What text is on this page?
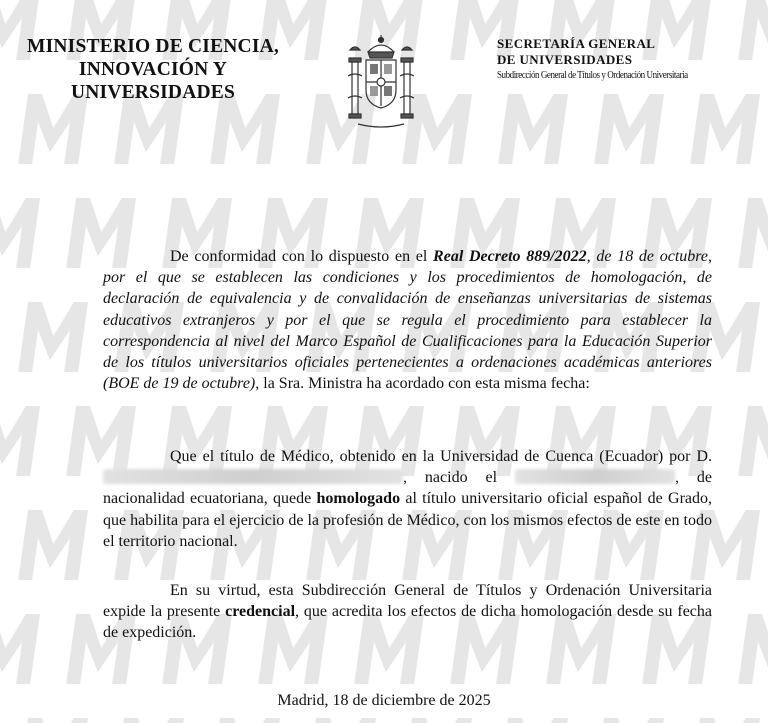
MINISTERIO DE CIENCIA,
INNOVACIÓN Y
UNIVERSIDADES
SECRETARÍA GENERAL
DE UNIVERSIDADES
Subdirección General de Títulos y Ordenación Universitaria
De conformidad con lo dispuesto en el Real Decreto 889/2022, de 18 de octubre, por el que se establecen las condiciones y los procedimientos de homologación, de declaración de equivalencia y de convalidación de enseñanzas universitarias de sistemas educativos extranjeros y por el que se regula el procedimiento para establecer la correspondencia al nivel del Marco Español de Cualificaciones para la Educación Superior de los títulos universitarios oficiales pertenecientes a ordenaciones académicas anteriores (BOE de 19 de octubre), la Sra. Ministra ha acordado con esta misma fecha:
Que el título de Médico, obtenido en la Universidad de Cuenca (Ecuador) por D. , nacido el	, de nacionalidad ecuatoriana, quede homologado al título universitario oficial español de Grado, que habilita para el ejercicio de la profesión de Médico, con los mismos efectos de este en todo el territorio nacional.
En su virtud, esta Subdirección General de Títulos y Ordenación Universitaria expide la presente credencial, que acredita los efectos de dicha homologación desde su fecha de expedición.
Madrid, 18 de diciembre de 2025
